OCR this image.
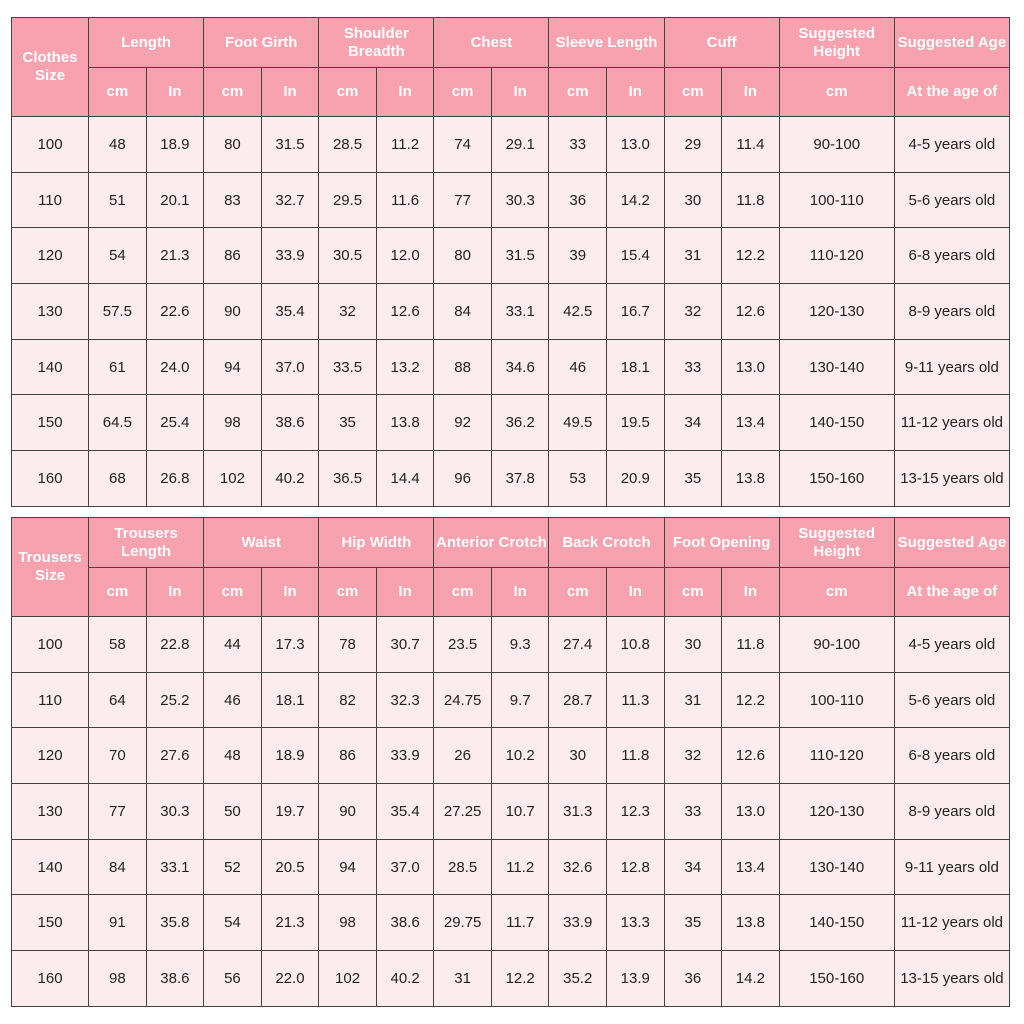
Clothes Size	Length		Foot Girth		Shoulder Breadth		Chest		Sleeve Length		Cuff		Suggested Height	Suggested Age
	cm	In	cm	In	cm	In	cm	In	cm	In	cm	In	cm	At the age of
100	48	18.9	80	31.5	28.5	11.2	74	29.1	33	13.0	29	11.4	90-100	4-5 years old
110	51	20.1	83	32.7	29.5	11.6	77	30.3	36	14.2	30	11.8	100-110	5-6 years old
120	54	21.3	86	33.9	30.5	12.0	80	31.5	39	15.4	31	12.2	110-120	6-8 years old
130	57.5	22.6	90	35.4	32	12.6	84	33.1	42.5	16.7	32	12.6	120-130	8-9 years old
140	61	24.0	94	37.0	33.5	13.2	88	34.6	46	18.1	33	13.0	130-140	9-11 years old
150	64.5	25.4	98	38.6	35	13.8	92	36.2	49.5	19.5	34	13.4	140-150	11-12 years old
160	68	26.8	102	40.2	36.5	14.4	96	37.8	53	20.9	35	13.8	150-160	13-15 years old
Trousers Size	Trousers Length		Waist		Hip Width		Anterior Crotch		Back Crotch		Foot Opening		Suggested Height	Suggested Age
	cm	In	cm	In	cm	In	cm	In	cm	In	cm	In	cm	At the age of
100	58	22.8	44	17.3	78	30.7	23.5	9.3	27.4	10.8	30	11.8	90-100	4-5 years old
110	64	25.2	46	18.1	82	32.3	24.75	9.7	28.7	11.3	31	12.2	100-110	5-6 years old
120	70	27.6	48	18.9	86	33.9	26	10.2	30	11.8	32	12.6	110-120	6-8 years old
130	77	30.3	50	19.7	90	35.4	27.25	10.7	31.3	12.3	33	13.0	120-130	8-9 years old
140	84	33.1	52	20.5	94	37.0	28.5	11.2	32.6	12.8	34	13.4	130-140	9-11 years old
150	91	35.8	54	21.3	98	38.6	29.75	11.7	33.9	13.3	35	13.8	140-150	11-12 years old
160	98	38.6	56	22.0	102	40.2	31	12.2	35.2	13.9	36	14.2	150-160	13-15 years old
